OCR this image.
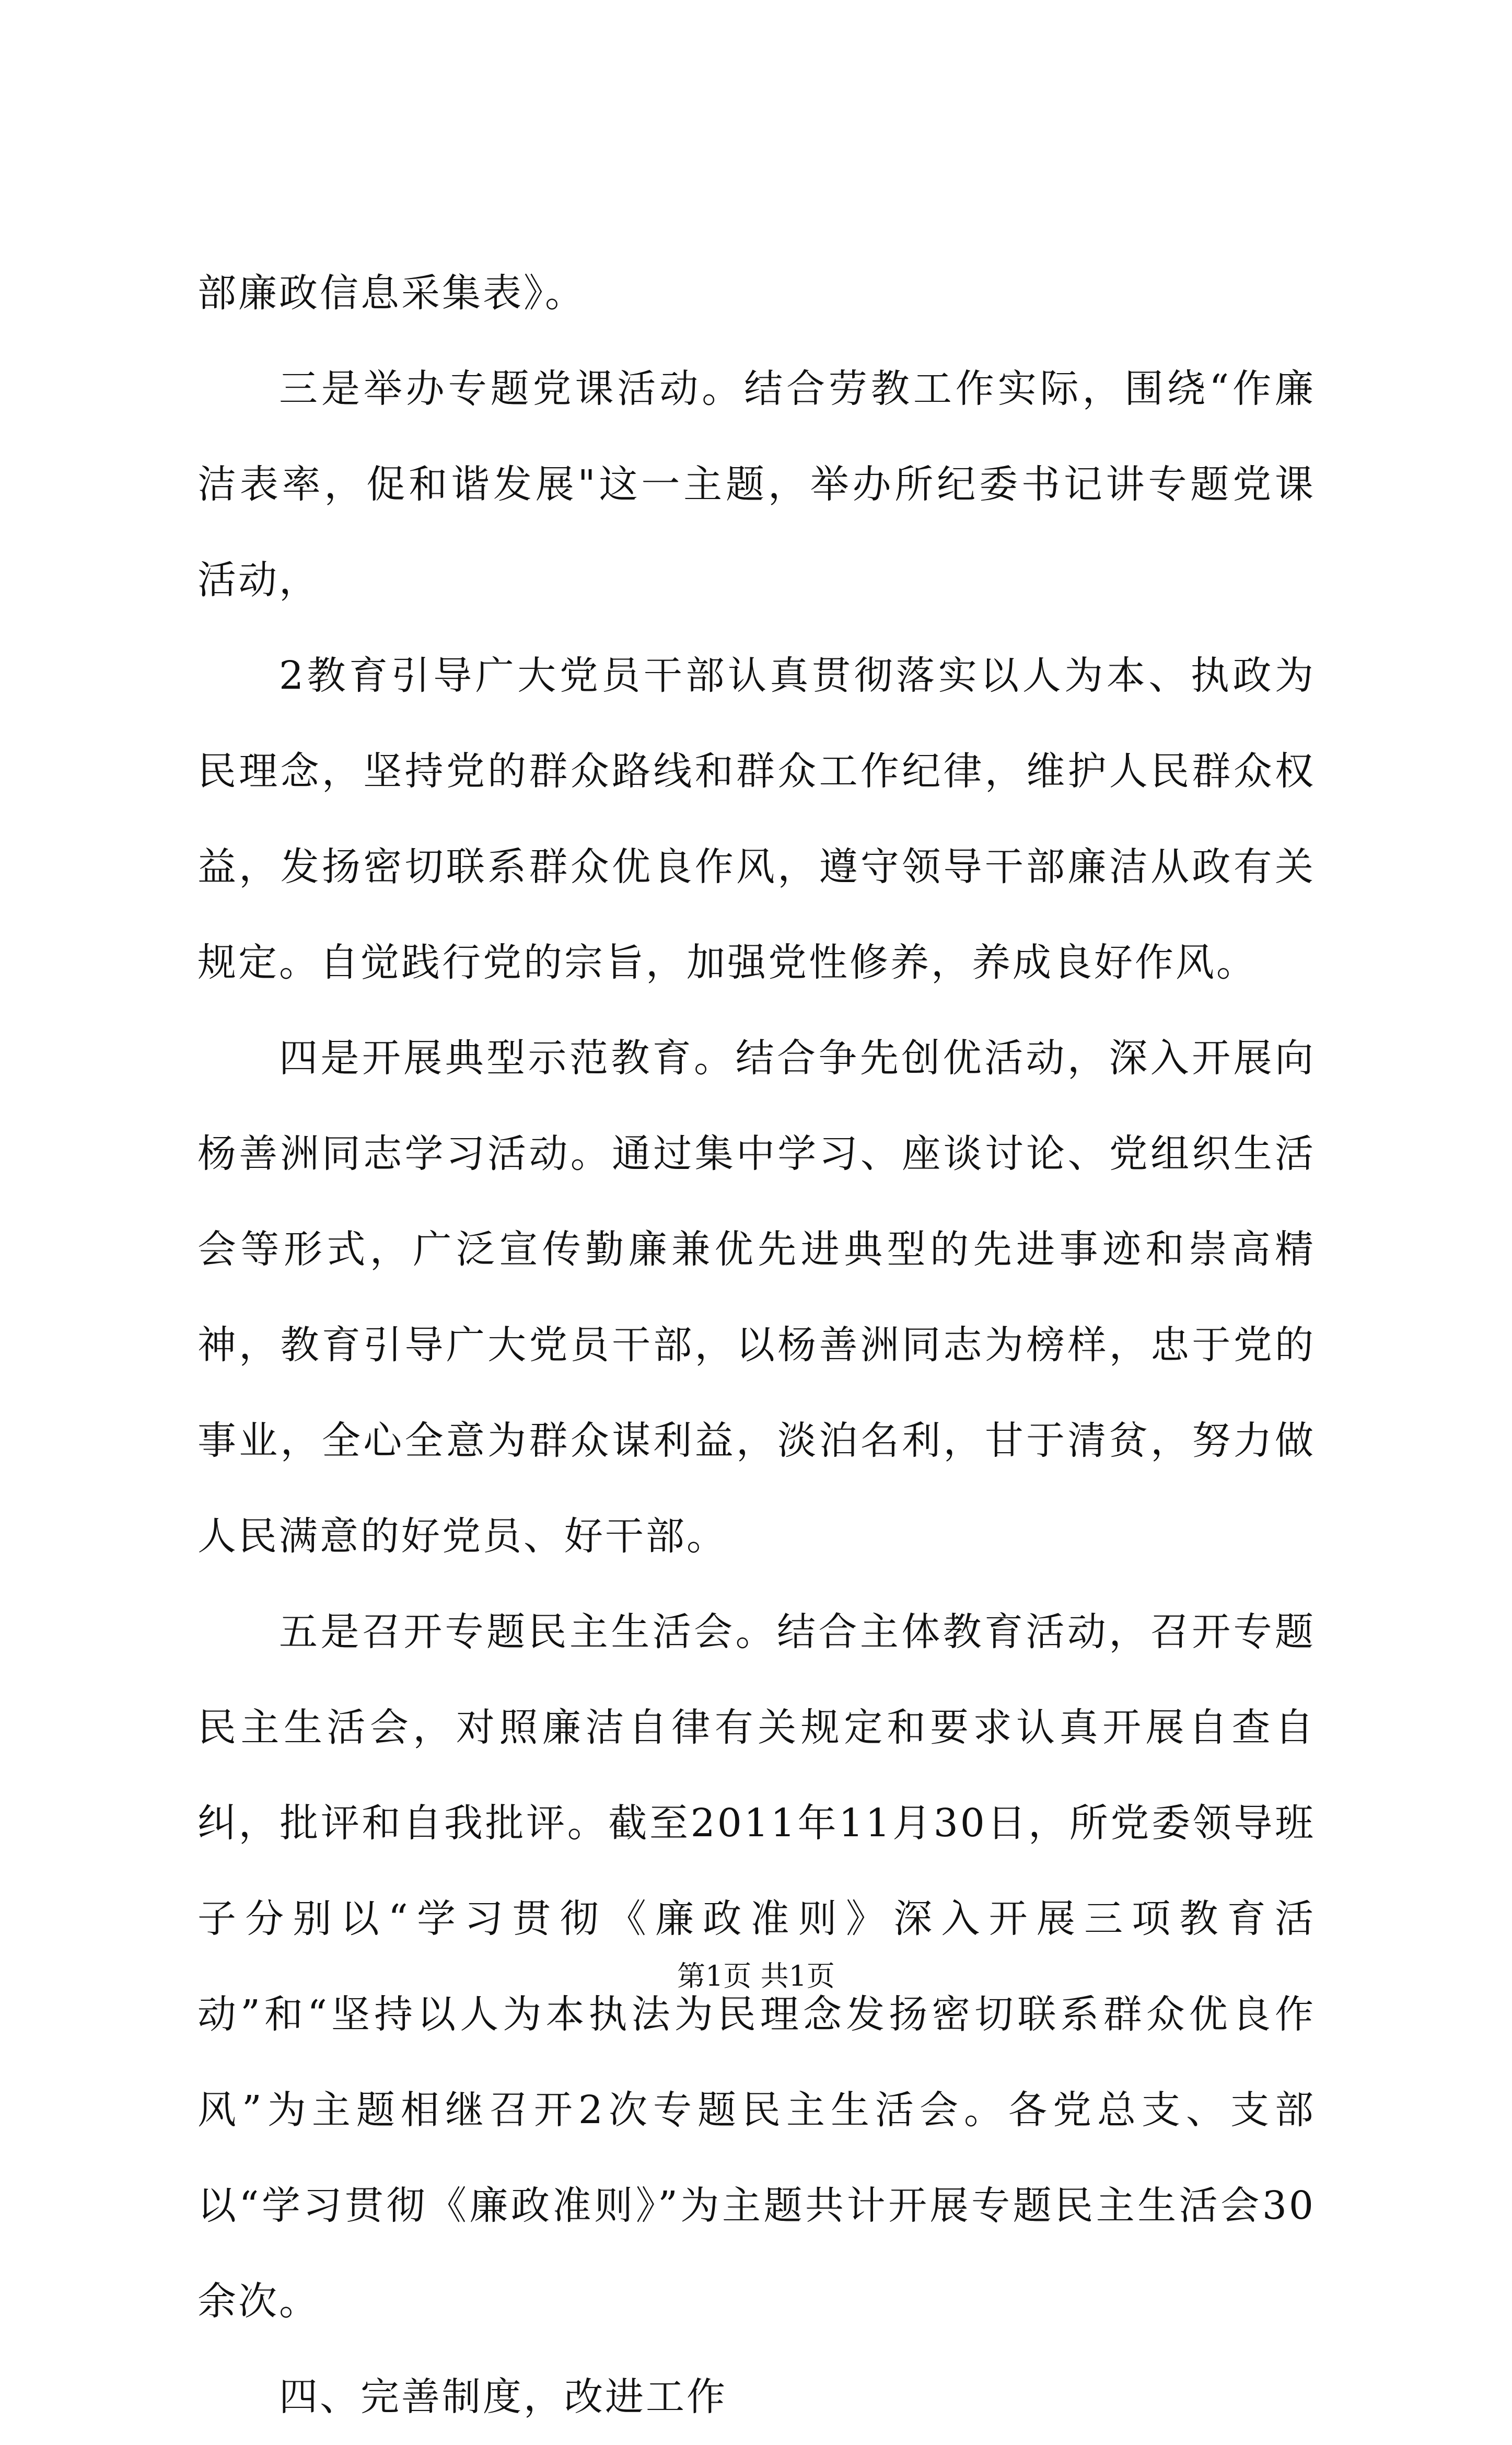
部廉政信息采集表》。

三是举办专题党课活动。结合劳教工作实际，围绕“作廉洁表率，促和谐发展"这一主题，举办所纪委书记讲专题党课活动，

2教育引导广大党员干部认真贯彻落实以人为本、执政为民理念，坚持党的群众路线和群众工作纪律，维护人民群众权益，发扬密切联系群众优良作风，遵守领导干部廉洁从政有关规定。自觉践行党的宗旨，加强党性修养，养成良好作风。

四是开展典型示范教育。结合争先创优活动，深入开展向杨善洲同志学习活动。通过集中学习、座谈讨论、党组织生活会等形式，广泛宣传勤廉兼优先进典型的先进事迹和崇高精神，教育引导广大党员干部，以杨善洲同志为榜样，忠于党的事业，全心全意为群众谋利益，淡泊名利，甘于清贫，努力做人民满意的好党员、好干部。

五是召开专题民主生活会。结合主体教育活动，召开专题民主生活会，对照廉洁自律有关规定和要求认真开展自查自纠，批评和自我批评。截至2011年11月30日，所党委领导班子分别以“学习贯彻《廉政准则》深入开展三项教育活动”和“坚持以人为本执法为民理念发扬密切联系群众优良作风”为主题相继召开2次专题民主生活会。各党总支、支部以“学习贯彻《廉政准则》”为主题共计开展专题民主生活会30余次。

四、完善制度，改进工作

第1页 共1页
